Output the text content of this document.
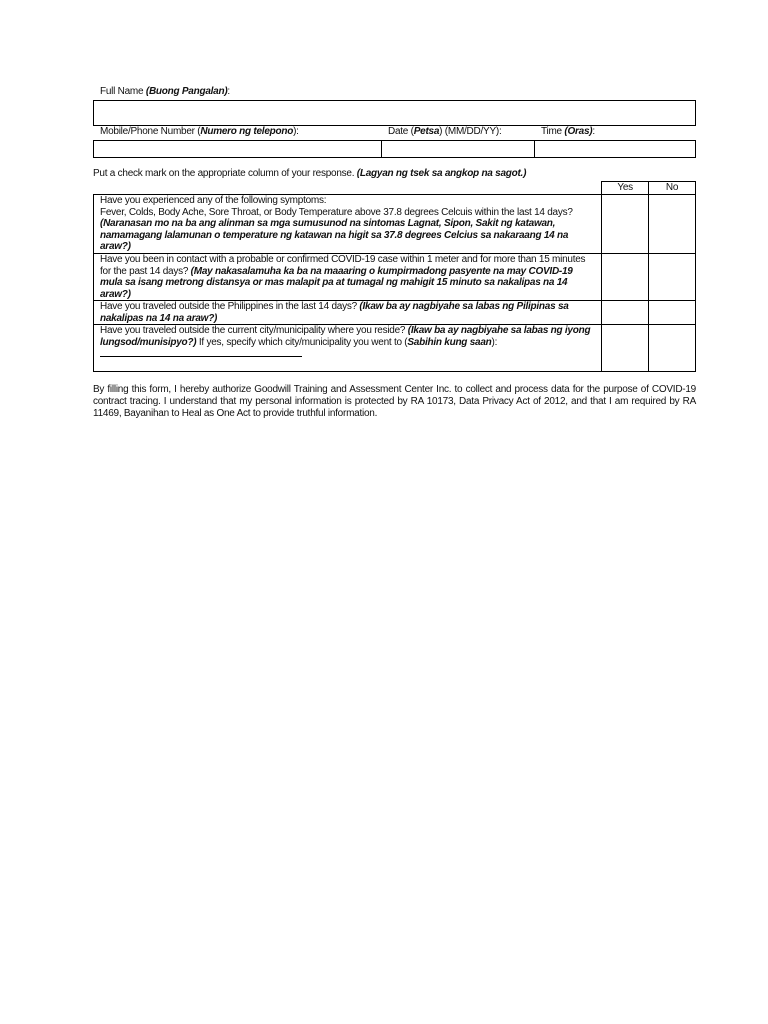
Full Name (Buong Pangalan):
Mobile/Phone Number (Numero ng telepono):	Date (Petsa) (MM/DD/YY):	Time (Oras):
Put a check mark on the appropriate column of your response. (Lagyan ng tsek sa angkop na sagot.)
	Yes	No

Have you experienced any of the following symptoms:
Fever, Colds, Body Ache, Sore Throat, or Body Temperature above 37.8 degrees Celcuis within the last 14 days?
(Naranasan mo na ba ang alinman sa mga sumusunod na sintomas Lagnat, Sipon, Sakit ng katawan, namamagang lalamunan o temperature ng katawan na higit sa 37.8 degrees Celcius sa nakaraang 14 na araw?)		

Have you been in contact with a probable or confirmed COVID-19 case within 1 meter and for more than 15 minutes for the past 14 days? (May nakasalamuha ka ba na maaaring o kumpirmadong pasyente na may COVID-19 mula sa isang metrong distansya or mas malapit pa at tumagal ng mahigit 15 minuto sa nakalipas na 14 araw?)		
Have you traveled outside the Philippines in the last 14 days? (Ikaw ba ay nagbiyahe sa labas ng Pilipinas sa nakalipas na 14 na araw?)		
Have you traveled outside the current city/municipality where you reside? (Ikaw ba ay nagbiyahe sa labas ng iyong lungsod/munisipyo?) If yes, specify which city/municipality you went to (Sabihin kung saan):

By filling this form, I hereby authorize Goodwill Training and Assessment Center Inc. to collect and process data for the purpose of COVID-19 contract tracing. I understand that my personal information is protected by RA 10173, Data Privacy Act of 2012, and that I am required by RA 11469, Bayanihan to Heal as One Act to provide truthful information.
